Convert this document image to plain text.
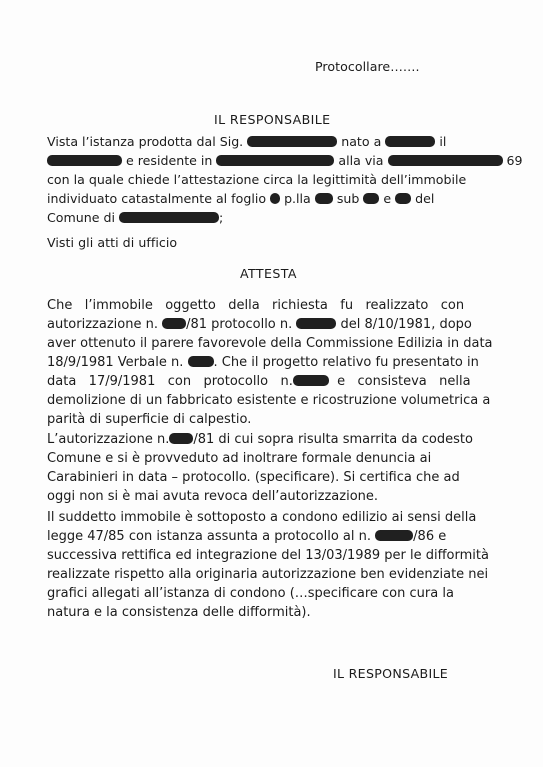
Protocollare…….
IL RESPONSABILE
Vista l’istanza prodotta dal Sig.	nato a	il
e residente in	alla via	69
con la quale chiede l’attestazione circa la legittimità dell’immobile
individuato catastalmente al foglio p.lla sub e del
Comune di	;
Visti gli atti di ufficio
ATTESTA
Che   l’immobile   oggetto   della   richiesta   fu   realizzato   con
autorizzazione n. /81 protocollo n.	del 8/10/1981, dopo
aver ottenuto il parere favorevole della Commissione Edilizia in data
18/9/1981 Verbale n. . Che il progetto relativo fu presentato in
data   17/9/1981   con   protocollo   n.	e   consisteva   nella
demolizione di un fabbricato esistente e ricostruzione volumetrica a
parità di superficie di calpestio.
L’autorizzazione n. /81 di cui sopra risulta smarrita da codesto
Comune e si è provveduto ad inoltrare formale denuncia ai
Carabinieri in data – protocollo. (specificare). Si certifica che ad
oggi non si è mai avuta revoca dell’autorizzazione.
Il suddetto immobile è sottoposto a condono edilizio ai sensi della
legge 47/85 con istanza assunta a protocollo al n.	/86 e
successiva rettifica ed integrazione del 13/03/1989 per le difformità
realizzate rispetto alla originaria autorizzazione ben evidenziate nei
grafici allegati all’istanza di condono (…specificare con cura la
natura e la consistenza delle difformità).
IL RESPONSABILE
